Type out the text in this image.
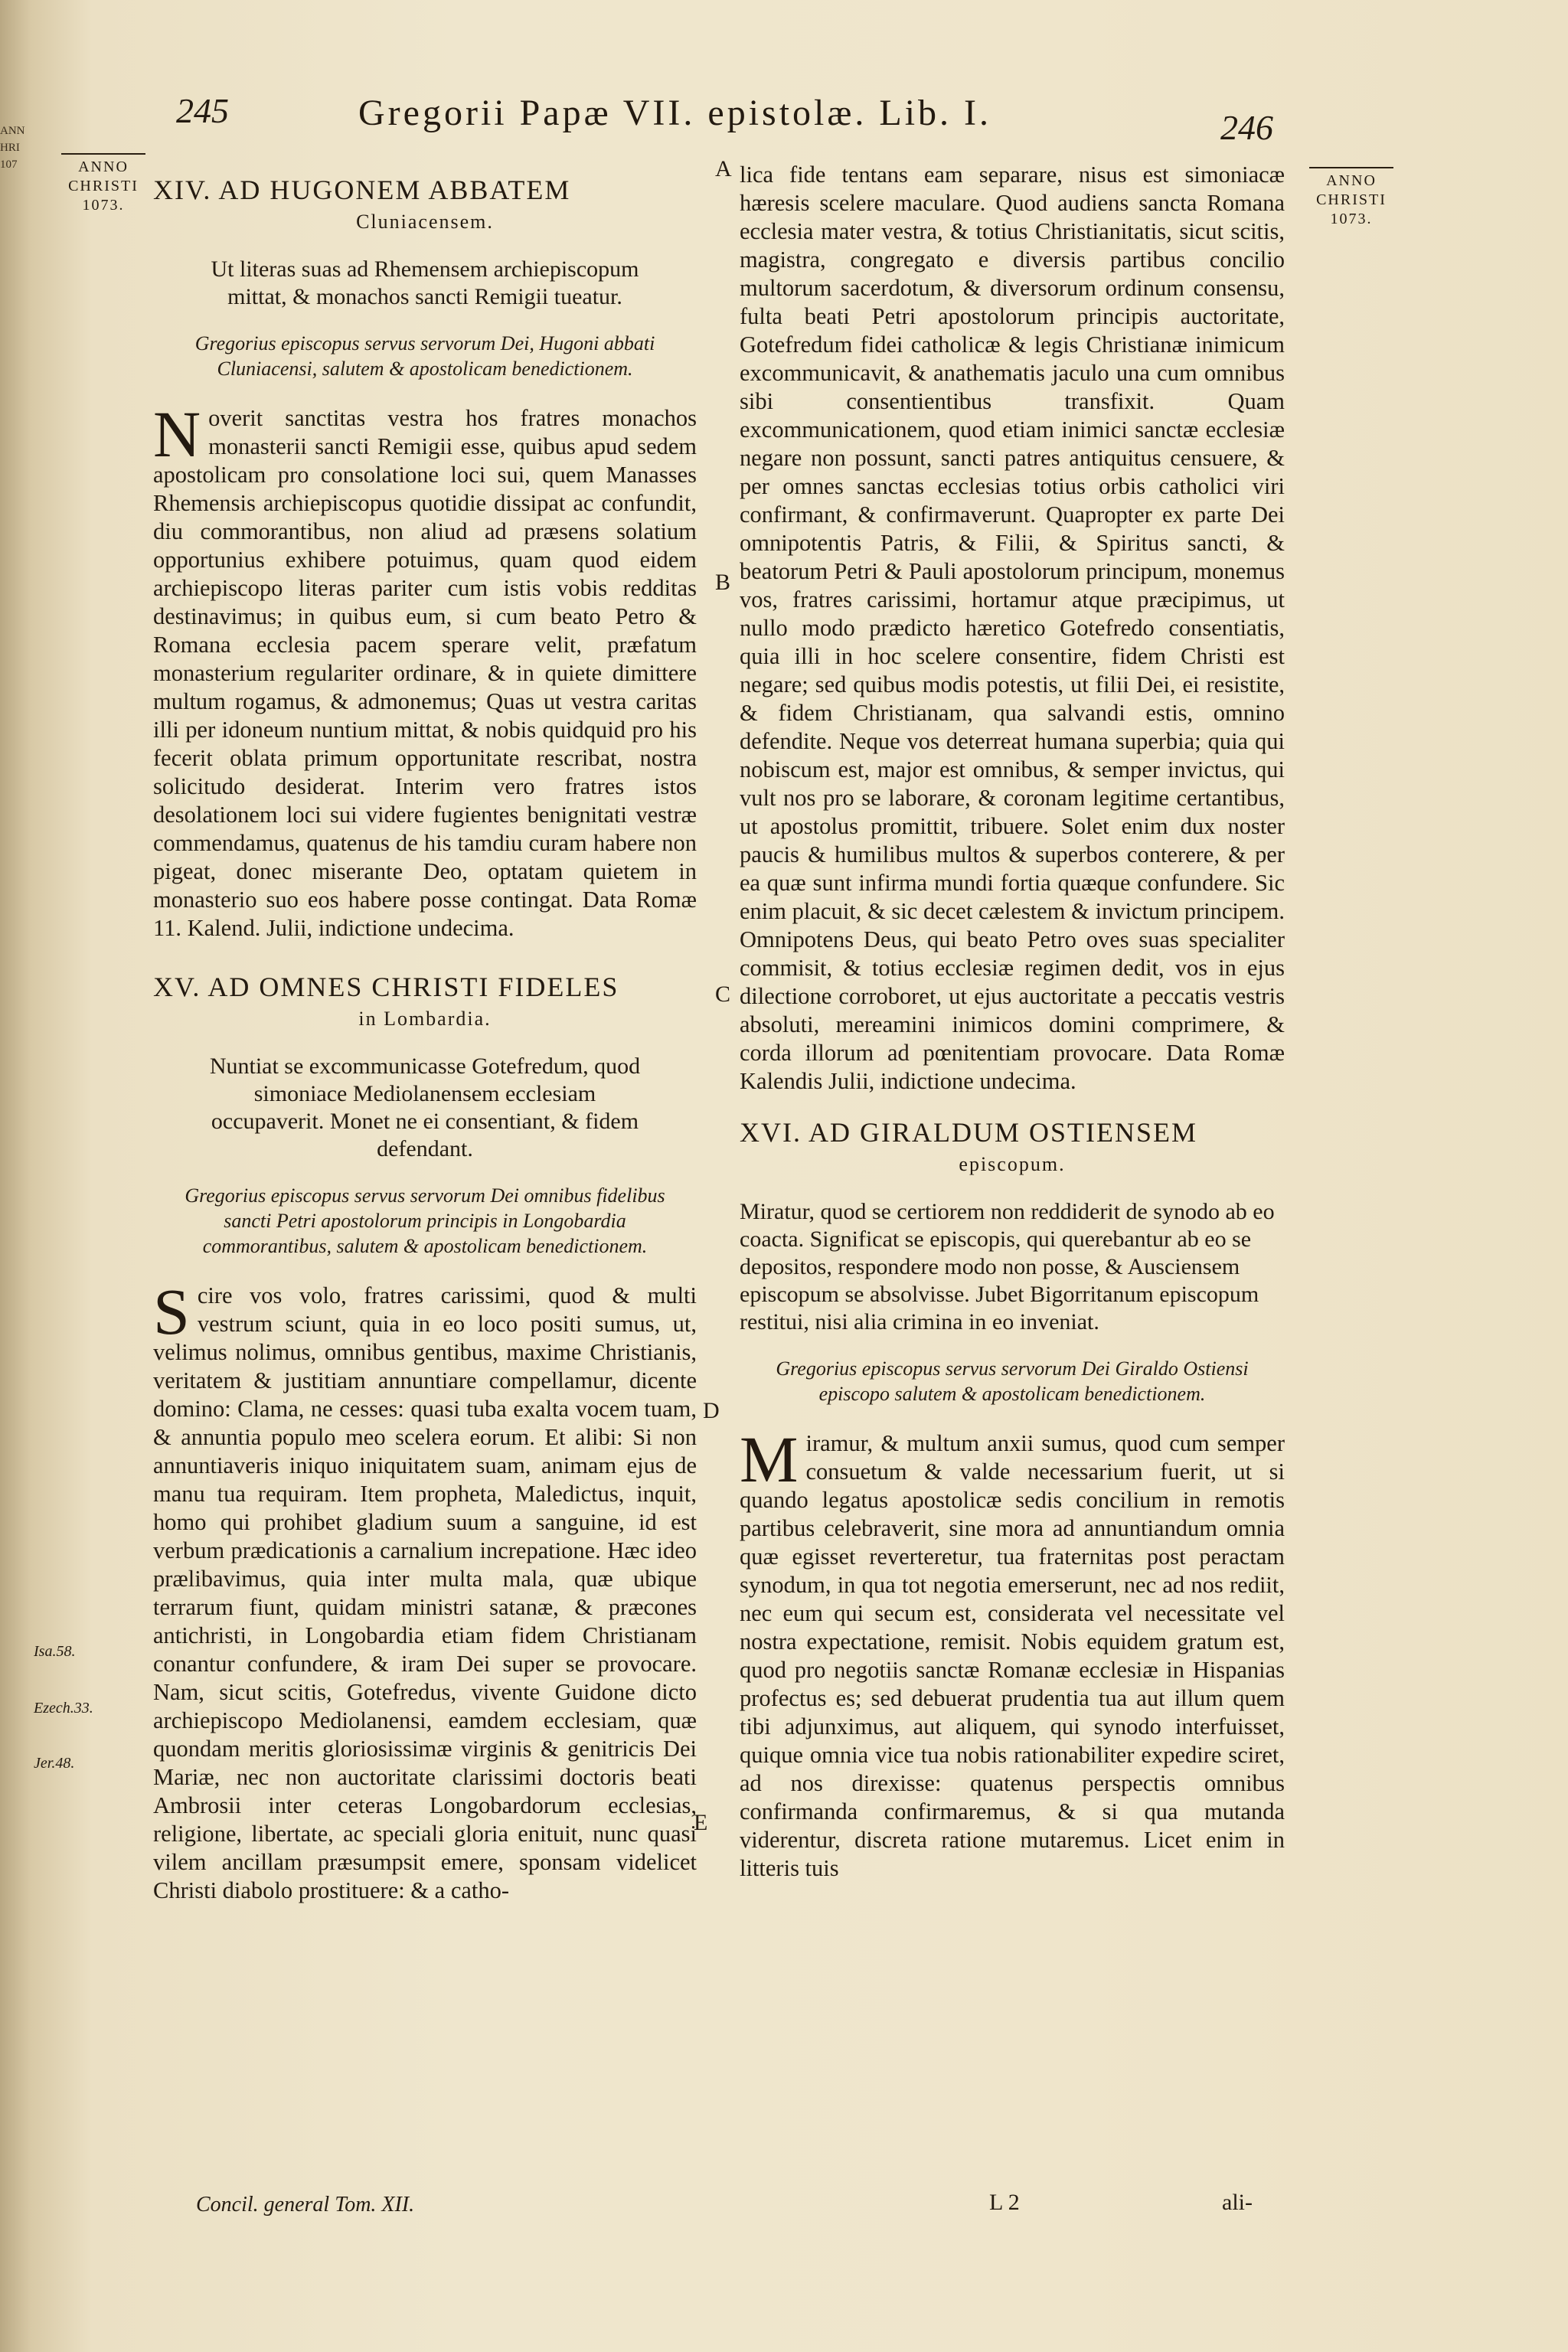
ANN
HRI
107
245	Gregorii Papæ VII. epistolæ. Lib. I.	246
ANNO
CHRISTI
1073.
ANNO
CHRISTI
1073.
XIV. AD HUGONEM ABBATEM
Cluniacensem.
Ut literas suas ad Rhemensem archiepiscopum mittat, & monachos sancti Remigii tueatur.
Gregorius episcopus servus servorum Dei, Hugoni abbati Cluniacensi, salutem & apostolicam benedictionem.
N overit sanctitas vestra hos fratres monachos monasterii sancti Remigii esse, quibus apud sedem apostolicam pro consolatione loci sui, quem Manasses Rhemensis archiepiscopus quotidie dissipat ac confundit, diu commorantibus, non aliud ad præsens solatium opportunius exhibere potuimus, quam quod eidem archiepiscopo literas pariter cum istis vobis redditas destinavimus; in quibus eum, si cum beato Petro & Romana ecclesia pacem sperare velit, præfatum monasterium regulariter ordinare, & in quiete dimittere multum rogamus, & admonemus; Quas ut vestra caritas illi per idoneum nuntium mittat, & nobis quidquid pro his fecerit oblata primum opportunitate rescribat, nostra solicitudo desiderat. Interim vero fratres istos desolationem loci sui videre fugientes benignitati vestræ commendamus, quatenus de his tamdiu curam habere non pigeat, donec miserante Deo, optatam quietem in monasterio suo eos habere posse contingat. Data Romæ 11. Kalend. Julii, indictione undecima.

XV. AD OMNES CHRISTI FIDELES
in Lombardia.
Nuntiat se excommunicasse Gotefredum, quod simoniace Mediolanensem ecclesiam occupaverit. Monet ne ei consentiant, & fidem defendant.
Gregorius episcopus servus servorum Dei omnibus fidelibus sancti Petri apostolorum principis in Longobardia commorantibus, salutem & apostolicam benedictionem.
S cire vos volo, fratres carissimi, quod & multi vestrum sciunt, quia in eo loco positi sumus, ut, velimus nolimus, omnibus gentibus, maxime Christianis, veritatem & justitiam annuntiare compellamur, dicente domino: Clama, ne cesses: quasi tuba exalta vocem tuam, & annuntia populo meo scelera eorum. Et alibi: Si non annuntiaveris iniquo iniquitatem suam, animam ejus de manu tua requiram. Item propheta, Maledictus, inquit, homo qui prohibet gladium suum a sanguine, id est verbum prædicationis a carnalium increpatione. Hæc ideo prælibavimus, quia inter multa mala, quæ ubique terrarum fiunt, quidam ministri satanæ, & præcones antichristi, in Longobardia etiam fidem Christianam conantur confundere, & iram Dei super se provocare. Nam, sicut scitis, Gotefredus, vivente Guidone dicto archiepiscopo Mediolanensi, eamdem ecclesiam, quæ quondam meritis gloriosissimæ virginis & genitricis Dei Mariæ, nec non auctoritate clarissimi doctoris beati Ambrosii inter ceteras Longobardorum ecclesias, religione, libertate, ac speciali gloria enituit, nunc quasi vilem ancillam præsumpsit emere, sponsam videlicet Christi diabolo prostituere: & a catho-

Isa.58.
Ezech.33.
Jer.48.
Concil. general Tom. XII.
A
B
C
D
E

lica fide tentans eam separare, nisus est simoniacæ hæresis scelere maculare. Quod audiens sancta Romana ecclesia mater vestra, & totius Christianitatis, sicut scitis, magistra, congregato e diversis partibus concilio multorum sacerdotum, & diversorum ordinum consensu, fulta beati Petri apostolorum principis auctoritate, Gotefredum fidei catholicæ & legis Christianæ inimicum excommunicavit, & anathematis jaculo una cum omnibus sibi consentientibus transfixit. Quam excommunicationem, quod etiam inimici sanctæ ecclesiæ negare non possunt, sancti patres antiquitus censuere, & per omnes sanctas ecclesias totius orbis catholici viri confirmant, & confirmaverunt. Quapropter ex parte Dei omnipotentis Patris, & Filii, & Spiritus sancti, & beatorum Petri & Pauli apostolorum principum, monemus vos, fratres carissimi, hortamur atque præcipimus, ut nullo modo prædicto hæretico Gotefredo consentiatis, quia illi in hoc scelere consentire, fidem Christi est negare; sed quibus modis potestis, ut filii Dei, ei resistite, & fidem Christianam, qua salvandi estis, omnino defendite. Neque vos deterreat humana superbia; quia qui nobiscum est, major est omnibus, & semper invictus, qui vult nos pro se laborare, & coronam legitime certantibus, ut apostolus promittit, tribuere. Solet enim dux noster paucis & humilibus multos & superbos conterere, & per ea quæ sunt infirma mundi fortia quæque confundere. Sic enim placuit, & sic decet cælestem & invictum principem. Omnipotens Deus, qui beato Petro oves suas specialiter commisit, & totius ecclesiæ regimen dedit, vos in ejus dilectione corroboret, ut ejus auctoritate a peccatis vestris absoluti, mereamini inimicos domini comprimere, & corda illorum ad pœnitentiam provocare. Data Romæ Kalendis Julii, indictione undecima.

XVI. AD GIRALDUM OSTIENSEM
episcopum.
Miratur, quod se certiorem non reddiderit de synodo ab eo coacta. Significat se episcopis, qui querebantur ab eo se depositos, responderе modo non posse, & Ausciensem episcopum se absolvisse. Jubet Bigorritanum episcopum restitui, nisi alia crimina in eo inveniat.
Gregorius episcopus servus servorum Dei Giraldo Ostiensi episcopo salutem & apostolicam benedictionem.
M iramur, & multum anxii sumus, quod cum semper consuetum & valde necessarium fuerit, ut si quando legatus apostolicæ sedis concilium in remotis partibus celebraverit, sine mora ad annuntiandum omnia quæ egisset reverteretur, tua fraternitas post peractam synodum, in qua tot negotia emerserunt, nec ad nos rediit, nec eum qui secum est, considerata vel necessitate vel nostra expectatione, remisit. Nobis equidem gratum est, quod pro negotiis sanctæ Romanæ ecclesiæ in Hispanias profectus es; sed debuerat prudentia tua aut illum quem tibi adjunximus, aut aliquem, qui synodo interfuisset, quique omnia vice tua nobis rationabiliter expedire sciret, ad nos direxisse: quatenus perspectis omnibus confirmanda confirmaremus, & si qua mutanda viderentur, discreta ratione mutaremus. Licet enim in litteris tuis

L 2	ali-
